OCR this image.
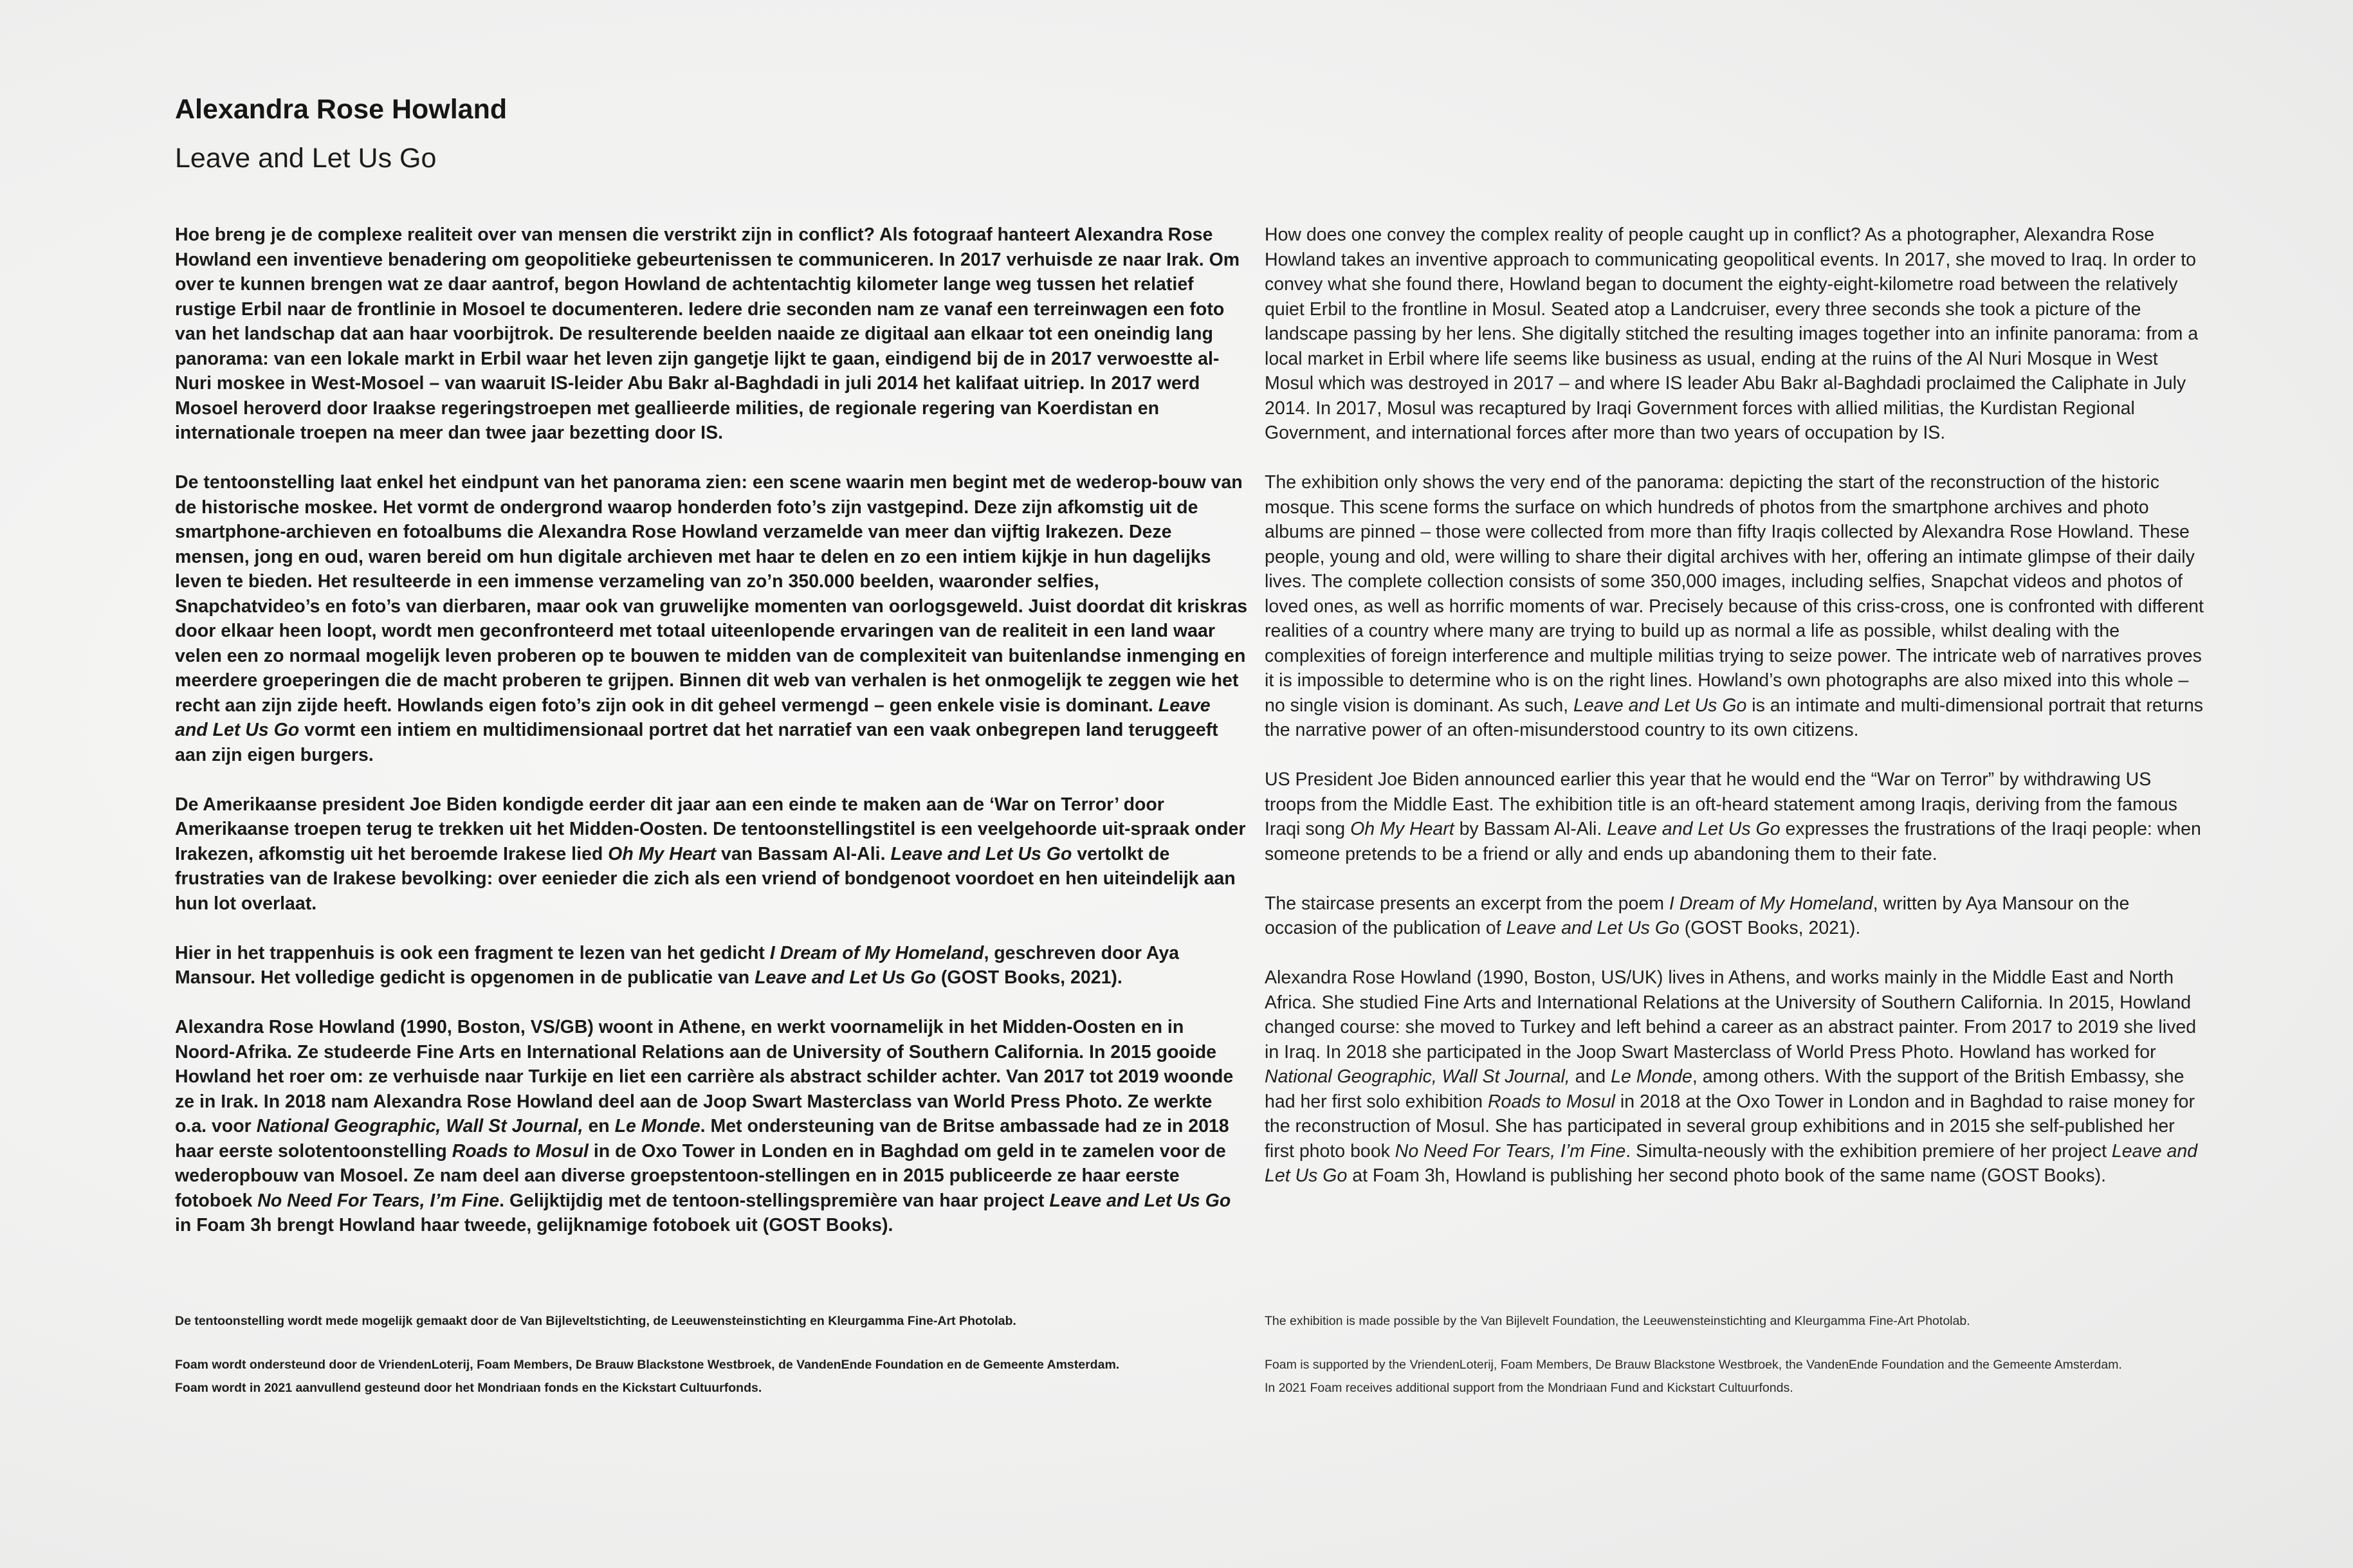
Alexandra Rose Howland
Leave and Let Us Go

Hoe breng je de complexe realiteit over van mensen die verstrikt zijn in conflict? Als fotograaf hanteert Alexandra Rose Howland een inventieve benadering om geopolitieke gebeurtenissen te communiceren. In 2017 verhuisde ze naar Irak. Om over te kunnen brengen wat ze daar aantrof, begon Howland de achtentachtig kilometer lange weg tussen het relatief rustige Erbil naar de frontlinie in Mosoel te documenteren. Iedere drie seconden nam ze vanaf een terreinwagen een foto van het landschap dat aan haar voorbijtrok. De resulterende beelden naaide ze digitaal aan elkaar tot een oneindig lang panorama: van een lokale markt in Erbil waar het leven zijn gangetje lijkt te gaan, eindigend bij de in 2017 verwoestte al-Nuri moskee in West-Mosoel – van waaruit IS-leider Abu Bakr al-Baghdadi in juli 2014 het kalifaat uitriep. In 2017 werd Mosoel heroverd door Iraakse regeringstroepen met geallieerde milities, de regionale regering van Koerdistan en internationale troepen na meer dan twee jaar bezetting door IS.

De tentoonstelling laat enkel het eindpunt van het panorama zien: een scene waarin men begint met de wederop-bouw van de historische moskee. Het vormt de ondergrond waarop honderden foto’s zijn vastgepind. Deze zijn afkomstig uit de smartphone-archieven en fotoalbums die Alexandra Rose Howland verzamelde van meer dan vijftig Irakezen. Deze mensen, jong en oud, waren bereid om hun digitale archieven met haar te delen en zo een intiem kijkje in hun dagelijks leven te bieden. Het resulteerde in een immense verzameling van zo’n 350.000 beelden, waaronder selfies, Snapchatvideo’s en foto’s van dierbaren, maar ook van gruwelijke momenten van oorlogsgeweld. Juist doordat dit kriskras door elkaar heen loopt, wordt men geconfronteerd met totaal uiteenlopende ervaringen van de realiteit in een land waar velen een zo normaal mogelijk leven proberen op te bouwen te midden van de complexiteit van buitenlandse inmenging en meerdere groeperingen die de macht proberen te grijpen. Binnen dit web van verhalen is het onmogelijk te zeggen wie het recht aan zijn zijde heeft. Howlands eigen foto’s zijn ook in dit geheel vermengd – geen enkele visie is dominant. Leave and Let Us Go vormt een intiem en multidimensionaal portret dat het narratief van een vaak onbegrepen land teruggeeft aan zijn eigen burgers.

De Amerikaanse president Joe Biden kondigde eerder dit jaar aan een einde te maken aan de ‘War on Terror’ door Amerikaanse troepen terug te trekken uit het Midden-Oosten. De tentoonstellingstitel is een veelgehoorde uit-spraak onder Irakezen, afkomstig uit het beroemde Irakese lied Oh My Heart van Bassam Al-Ali. Leave and Let Us Go vertolkt de frustraties van de Irakese bevolking: over eenieder die zich als een vriend of bondgenoot voordoet en hen uiteindelijk aan hun lot overlaat.

Hier in het trappenhuis is ook een fragment te lezen van het gedicht I Dream of My Homeland, geschreven door Aya Mansour. Het volledige gedicht is opgenomen in de publicatie van Leave and Let Us Go (GOST Books, 2021).

Alexandra Rose Howland (1990, Boston, VS/GB) woont in Athene, en werkt voornamelijk in het Midden-Oosten en in Noord-Afrika. Ze studeerde Fine Arts en International Relations aan de University of Southern California. In 2015 gooide Howland het roer om: ze verhuisde naar Turkije en liet een carrière als abstract schilder achter. Van 2017 tot 2019 woonde ze in Irak. In 2018 nam Alexandra Rose Howland deel aan de Joop Swart Masterclass van World Press Photo. Ze werkte o.a. voor National Geographic, Wall St Journal, en Le Monde. Met ondersteuning van de Britse ambassade had ze in 2018 haar eerste solotentoonstelling Roads to Mosul in de Oxo Tower in Londen en in Baghdad om geld in te zamelen voor de wederopbouw van Mosoel. Ze nam deel aan diverse groepstentoon-stellingen en in 2015 publiceerde ze haar eerste fotoboek No Need For Tears, I’m Fine. Gelijktijdig met de tentoon-stellingspremière van haar project Leave and Let Us Go in Foam 3h brengt Howland haar tweede, gelijknamige fotoboek uit (GOST Books).

How does one convey the complex reality of people caught up in conflict? As a photographer, Alexandra Rose Howland takes an inventive approach to communicating geopolitical events. In 2017, she moved to Iraq. In order to convey what she found there, Howland began to document the eighty-eight-kilometre road between the relatively quiet Erbil to the frontline in Mosul. Seated atop a Landcruiser, every three seconds she took a picture of the landscape passing by her lens. She digitally stitched the resulting images together into an infinite panorama: from a local market in Erbil where life seems like business as usual, ending at the ruins of the Al Nuri Mosque in West Mosul which was destroyed in 2017 – and where IS leader Abu Bakr al-Baghdadi proclaimed the Caliphate in July 2014. In 2017, Mosul was recaptured by Iraqi Government forces with allied militias, the Kurdistan Regional Government, and international forces after more than two years of occupation by IS.

The exhibition only shows the very end of the panorama: depicting the start of the reconstruction of the historic mosque. This scene forms the surface on which hundreds of photos from the smartphone archives and photo albums are pinned – those were collected from more than fifty Iraqis collected by Alexandra Rose Howland. These people, young and old, were willing to share their digital archives with her, offering an intimate glimpse of their daily lives. The complete collection consists of some 350,000 images, including selfies, Snapchat videos and photos of loved ones, as well as horrific moments of war. Precisely because of this criss-cross, one is confronted with different realities of a country where many are trying to build up as normal a life as possible, whilst dealing with the complexities of foreign interference and multiple militias trying to seize power. The intricate web of narratives proves it is impossible to determine who is on the right lines. Howland’s own photographs are also mixed into this whole – no single vision is dominant. As such, Leave and Let Us Go is an intimate and multi-dimensional portrait that returns the narrative power of an often-misunderstood country to its own citizens.

US President Joe Biden announced earlier this year that he would end the “War on Terror” by withdrawing US troops from the Middle East. The exhibition title is an oft-heard statement among Iraqis, deriving from the famous Iraqi song Oh My Heart by Bassam Al-Ali. Leave and Let Us Go expresses the frustrations of the Iraqi people: when someone pretends to be a friend or ally and ends up abandoning them to their fate.

The staircase presents an excerpt from the poem I Dream of My Homeland, written by Aya Mansour on the occasion of the publication of Leave and Let Us Go (GOST Books, 2021).

Alexandra Rose Howland (1990, Boston, US/UK) lives in Athens, and works mainly in the Middle East and North Africa. She studied Fine Arts and International Relations at the University of Southern California. In 2015, Howland changed course: she moved to Turkey and left behind a career as an abstract painter. From 2017 to 2019 she lived in Iraq. In 2018 she participated in the Joop Swart Masterclass of World Press Photo. Howland has worked for National Geographic, Wall St Journal, and Le Monde, among others. With the support of the British Embassy, she had her first solo exhibition Roads to Mosul in 2018 at the Oxo Tower in London and in Baghdad to raise money for the reconstruction of Mosul. She has participated in several group exhibitions and in 2015 she self-published her first photo book No Need For Tears, I’m Fine. Simulta-neously with the exhibition premiere of her project Leave and Let Us Go at Foam 3h, Howland is publishing her second photo book of the same name (GOST Books).

De tentoonstelling wordt mede mogelijk gemaakt door de Van Bijleveltstichting, de Leeuwensteinstichting en Kleurgamma Fine-Art Photolab.

Foam wordt ondersteund door de VriendenLoterij, Foam Members, De Brauw Blackstone Westbroek, de VandenEnde Foundation en de Gemeente Amsterdam.

Foam wordt in 2021 aanvullend gesteund door het Mondriaan fonds en the Kickstart Cultuurfonds.

The exhibition is made possible by the Van Bijlevelt Foundation, the Leeuwensteinstichting and Kleurgamma Fine-Art Photolab.

Foam is supported by the VriendenLoterij, Foam Members, De Brauw Blackstone Westbroek, the VandenEnde Foundation and the Gemeente Amsterdam.

In 2021 Foam receives additional support from the Mondriaan Fund and Kickstart Cultuurfonds.
